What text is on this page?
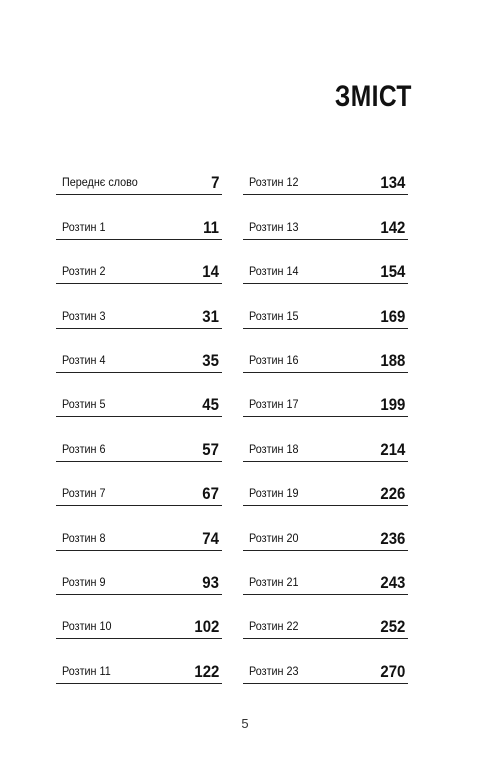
ЗМІСТ
Переднє слово	7
Розтин 1	11
Розтин 2	14
Розтин 3	31
Розтин 4	35
Розтин 5	45
Розтин 6	57
Розтин 7	67
Розтин 8	74
Розтин 9	93
Розтин 10	102
Розтин 11	122
Розтин 12	134
Розтин 13	142
Розтин 14	154
Розтин 15	169
Розтин 16	188
Розтин 17	199
Розтин 18	214
Розтин 19	226
Розтин 20	236
Розтин 21	243
Розтин 22	252
Розтин 23	270
5
